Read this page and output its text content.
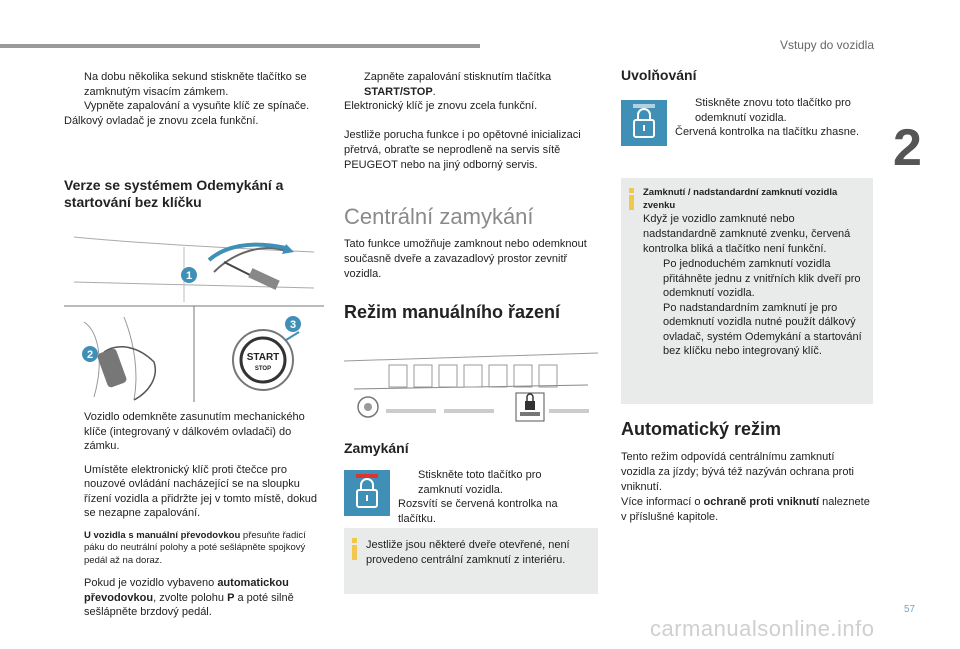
Vstupy do vozidla
2
Na dobu několika sekund stiskněte tlačítko se zamknutým visacím zámkem.
Vypněte zapalování a vysuňte klíč ze spínače.
Dálkový ovladač je znovu zcela funkční.
Verze se systémem Odemykání a startování bez klíčku
1
2	START
STOP
3
Vozidlo odemkněte zasunutím mechanického klíče (integrovaný v dálkovém ovladači) do zámku.
Umístěte elektronický klíč proti čtečce pro nouzové ovládání nacházející se na sloupku řízení vozidla a přidržte jej v tomto místě, dokud se nezapne zapalování.
U vozidla s manuální převodovkou přesuňte řadicí páku do neutrální polohy a poté sešlápněte spojkový pedál až na doraz.
Pokud je vozidlo vybaveno automatickou převodovkou, zvolte polohu P a poté silně sešlápněte brzdový pedál.
Zapněte zapalování stisknutím tlačítka START/STOP.
Elektronický klíč je znovu zcela funkční.
Jestliže porucha funkce i po opětovné inicializaci přetrvá, obraťte se neprodleně na servis sítě PEUGEOT nebo na jiný odborný servis.
Centrální zamykání
Tato funkce umožňuje zamknout nebo odemknout současně dveře a zavazadlový prostor zevnitř vozidla.
Režim manuálního řazení
Zamykání
Stiskněte toto tlačítko pro zamknutí vozidla.
Rozsvítí se červená kontrolka na tlačítku.
Jestliže jsou některé dveře otevřené, není provedeno centrální zamknutí z interiéru.
Uvolňování
Stiskněte znovu toto tlačítko pro odemknutí vozidla.
Červená kontrolka na tlačítku zhasne.
Zamknutí / nadstandardní zamknutí vozidla zvenku
Když je vozidlo zamknuté nebo nadstandardně zamknuté zvenku, červená kontrolka bliká a tlačítko není funkční.
Po jednoduchém zamknutí vozidla přitáhněte jednu z vnitřních klik dveří pro odemknutí vozidla.
Po nadstandardním zamknutí je pro odemknutí vozidla nutné použít dálkový ovladač, systém Odemykání a startování bez klíčku nebo integrovaný klíč.
Automatický režim
Tento režim odpovídá centrálnímu zamknutí vozidla za jízdy; bývá též nazýván ochrana proti vniknutí.
Více informací o ochraně proti vniknutí naleznete v příslušné kapitole.
57
carmanualsonline.info
